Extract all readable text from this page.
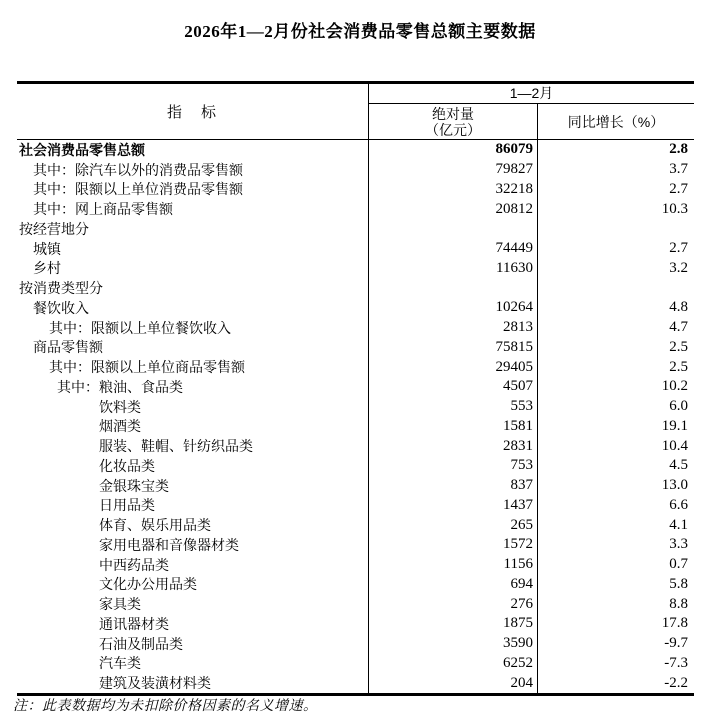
2026年1—2月份社会消费品零售总额主要数据
指　标
1—2月
绝对量
（亿元）	同比增长（%）
社会消费品零售总额	86079	2.8
其中：除汽车以外的消费品零售额	79827	3.7
其中：限额以上单位消费品零售额	32218	2.7
其中：网上商品零售额	20812	10.3
按经营地分
城镇	74449	2.7
乡村	11630	3.2
按消费类型分
餐饮收入	10264	4.8
其中：限额以上单位餐饮收入	2813	4.7
商品零售额	75815	2.5
其中：限额以上单位商品零售额	29405	2.5
其中：粮油、食品类	4507	10.2
饮料类	553	6.0
烟酒类	1581	19.1
服装、鞋帽、针纺织品类	2831	10.4
化妆品类	753	4.5
金银珠宝类	837	13.0
日用品类	1437	6.6
体育、娱乐用品类	265	4.1
家用电器和音像器材类	1572	3.3
中西药品类	1156	0.7
文化办公用品类	694	5.8
家具类	276	8.8
通讯器材类	1875	17.8
石油及制品类	3590	-9.7
汽车类	6252	-7.3
建筑及装潢材料类	204	-2.2
注：此表数据均为未扣除价格因素的名义增速。
